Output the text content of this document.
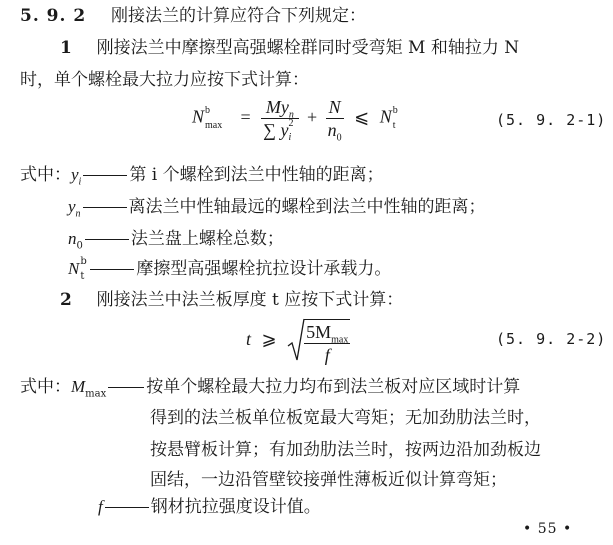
5. 9. 2 刚接法兰的计算应符合下列规定：
1 刚接法兰中摩擦型高强螺栓群同时受弯矩 M 和轴拉力 N
时，单个螺栓最大拉力应按下式计算：
N b
$\max = My_n$
∑ y 2
$i + \frac{N}{n_0}$ ⩽ N b
t	(5. 9. 2-1)
式中：$y_i$	第 i 个螺栓到法兰中性轴的距离；
$y_n$	离法兰中性轴最远的螺栓到法兰中性轴的距离；
$n_0$	法兰盘上螺栓总数；
N b
t	摩擦型高强螺栓抗拉设计承载力。
2 刚接法兰中法兰板厚度 t 应按下式计算：
t ⩾ $\frac{5M_{max}}{f}$	(5. 9. 2-2)
式中：$M_{max}$ 按单个螺栓最大拉力均布到法兰板对应区域时计算
得到的法兰板单位板宽最大弯矩；无加劲肋法兰时，
按悬臂板计算；有加劲肋法兰时，按两边沿加劲板边
固结，一边沿管壁铰接弹性薄板近似计算弯矩；
f	钢材抗拉强度设计值。
• 55 •
